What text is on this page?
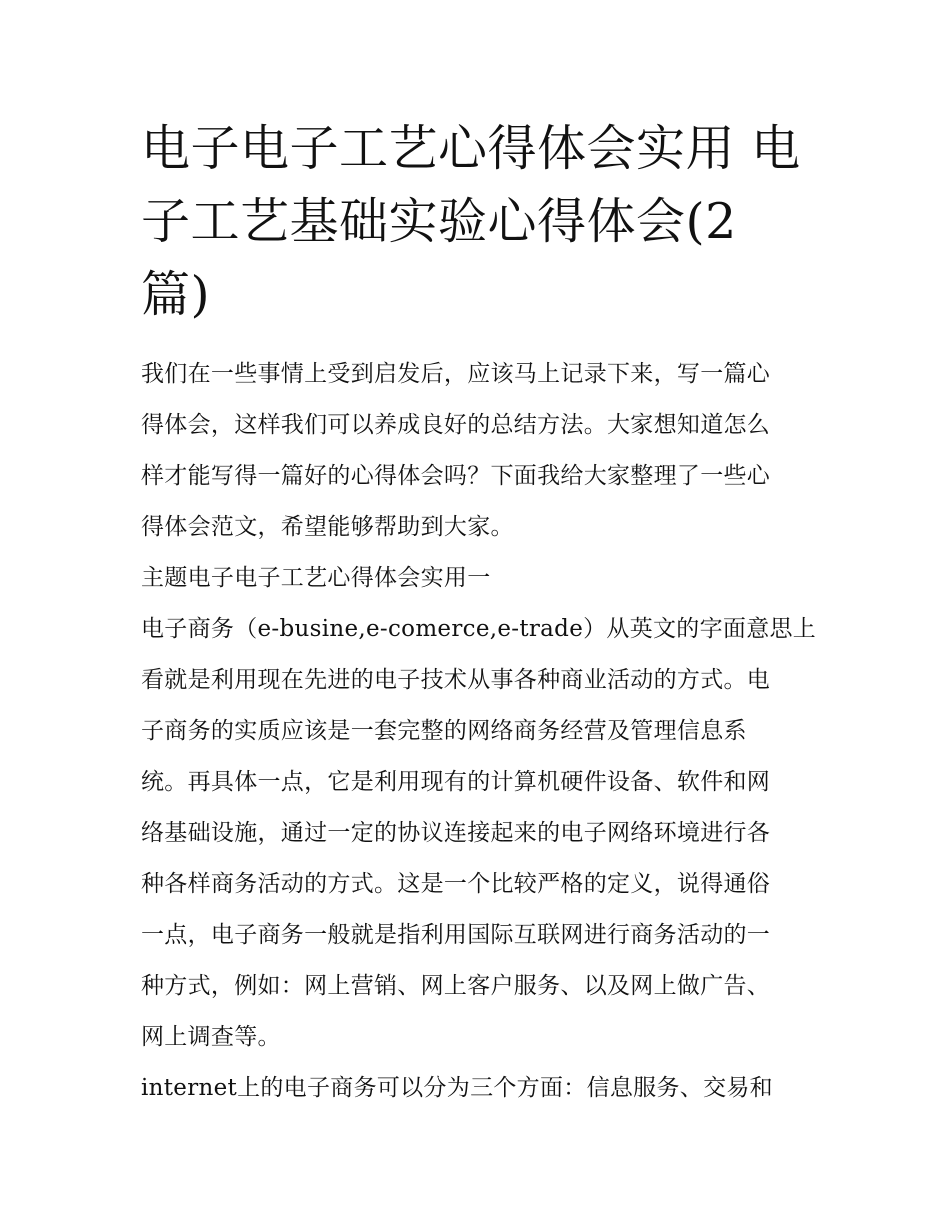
电子电子工艺心得体会实用 电
子工艺基础实验心得体会(2
篇)
我们在一些事情上受到启发后，应该马上记录下来，写一篇心
得体会，这样我们可以养成良好的总结方法。大家想知道怎么
样才能写得一篇好的心得体会吗？下面我给大家整理了一些心
得体会范文，希望能够帮助到大家。
主题电子电子工艺心得体会实用一
电子商务（e-busine,e-comerce,e-trade）从英文的字面意思上
看就是利用现在先进的电子技术从事各种商业活动的方式。电
子商务的实质应该是一套完整的网络商务经营及管理信息系
统。再具体一点，它是利用现有的计算机硬件设备、软件和网
络基础设施，通过一定的协议连接起来的电子网络环境进行各
种各样商务活动的方式。这是一个比较严格的定义，说得通俗
一点，电子商务一般就是指利用国际互联网进行商务活动的一
种方式，例如：网上营销、网上客户服务、以及网上做广告、
网上调查等。
internet上的电子商务可以分为三个方面：信息服务、交易和
